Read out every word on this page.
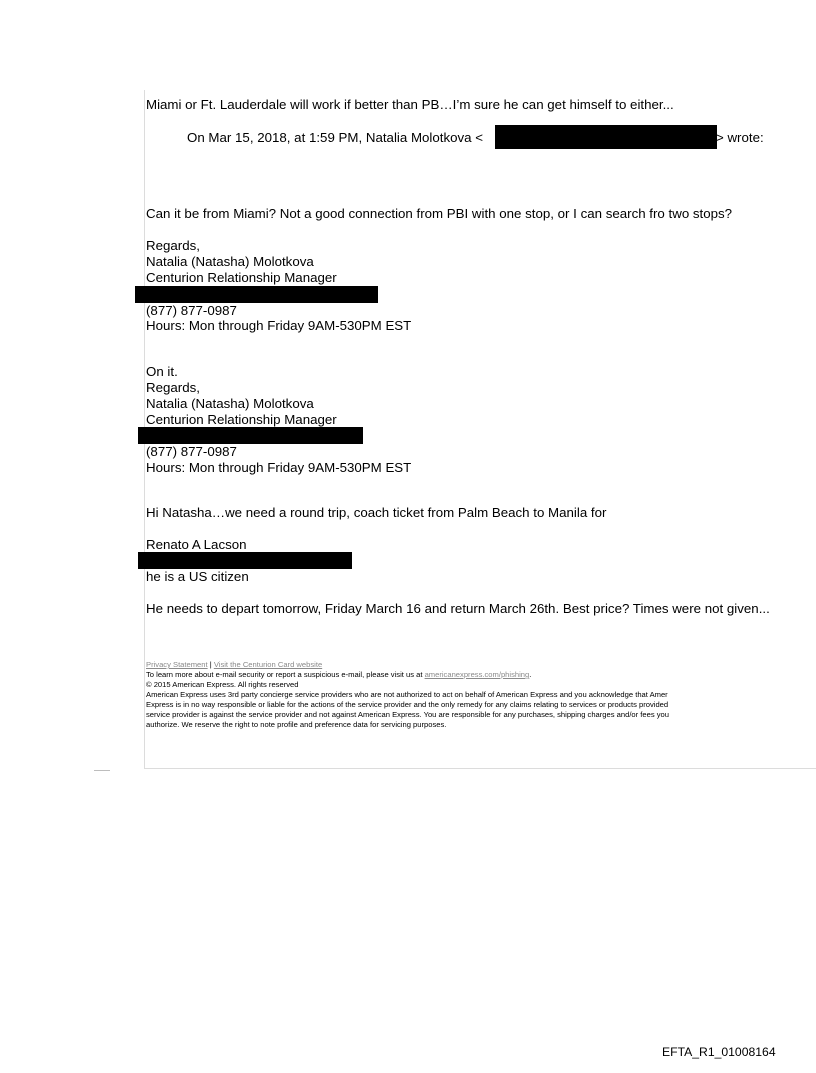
Miami or Ft. Lauderdale will work if better than PB…I’m sure he can get himself to either...
On Mar 15, 2018, at 1:59 PM, Natalia Molotkova <	> wrote:
Can it be from Miami? Not a good connection from PBI with one stop, or I can search fro two stops?
Regards,
Natalia (Natasha) Molotkova
Centurion Relationship Manager
(877) 877-0987
Hours: Mon through Friday 9AM-530PM EST
On it.
Regards,
Natalia (Natasha) Molotkova
Centurion Relationship Manager
(877) 877-0987
Hours: Mon through Friday 9AM-530PM EST
Hi Natasha…we need a round trip, coach ticket from Palm Beach to Manila for
Renato A Lacson
he is a US citizen
He needs to depart tomorrow, Friday March 16 and return March 26th. Best price? Times were not given...
Privacy Statement | Visit the Centurion Card website
To learn more about e-mail security or report a suspicious e-mail, please visit us at americanexpress.com/phishing.
© 2015 American Express. All rights reserved
American Express uses 3rd party concierge service providers who are not authorized to act on behalf of American Express and you acknowledge that Amer
Express is in no way responsible or liable for the actions of the service provider and the only remedy for any claims relating to services or products provided
service provider is against the service provider and not against American Express. You are responsible for any purchases, shipping charges and/or fees you
authorize. We reserve the right to note profile and preference data for servicing purposes.
EFTA_R1_01008164
